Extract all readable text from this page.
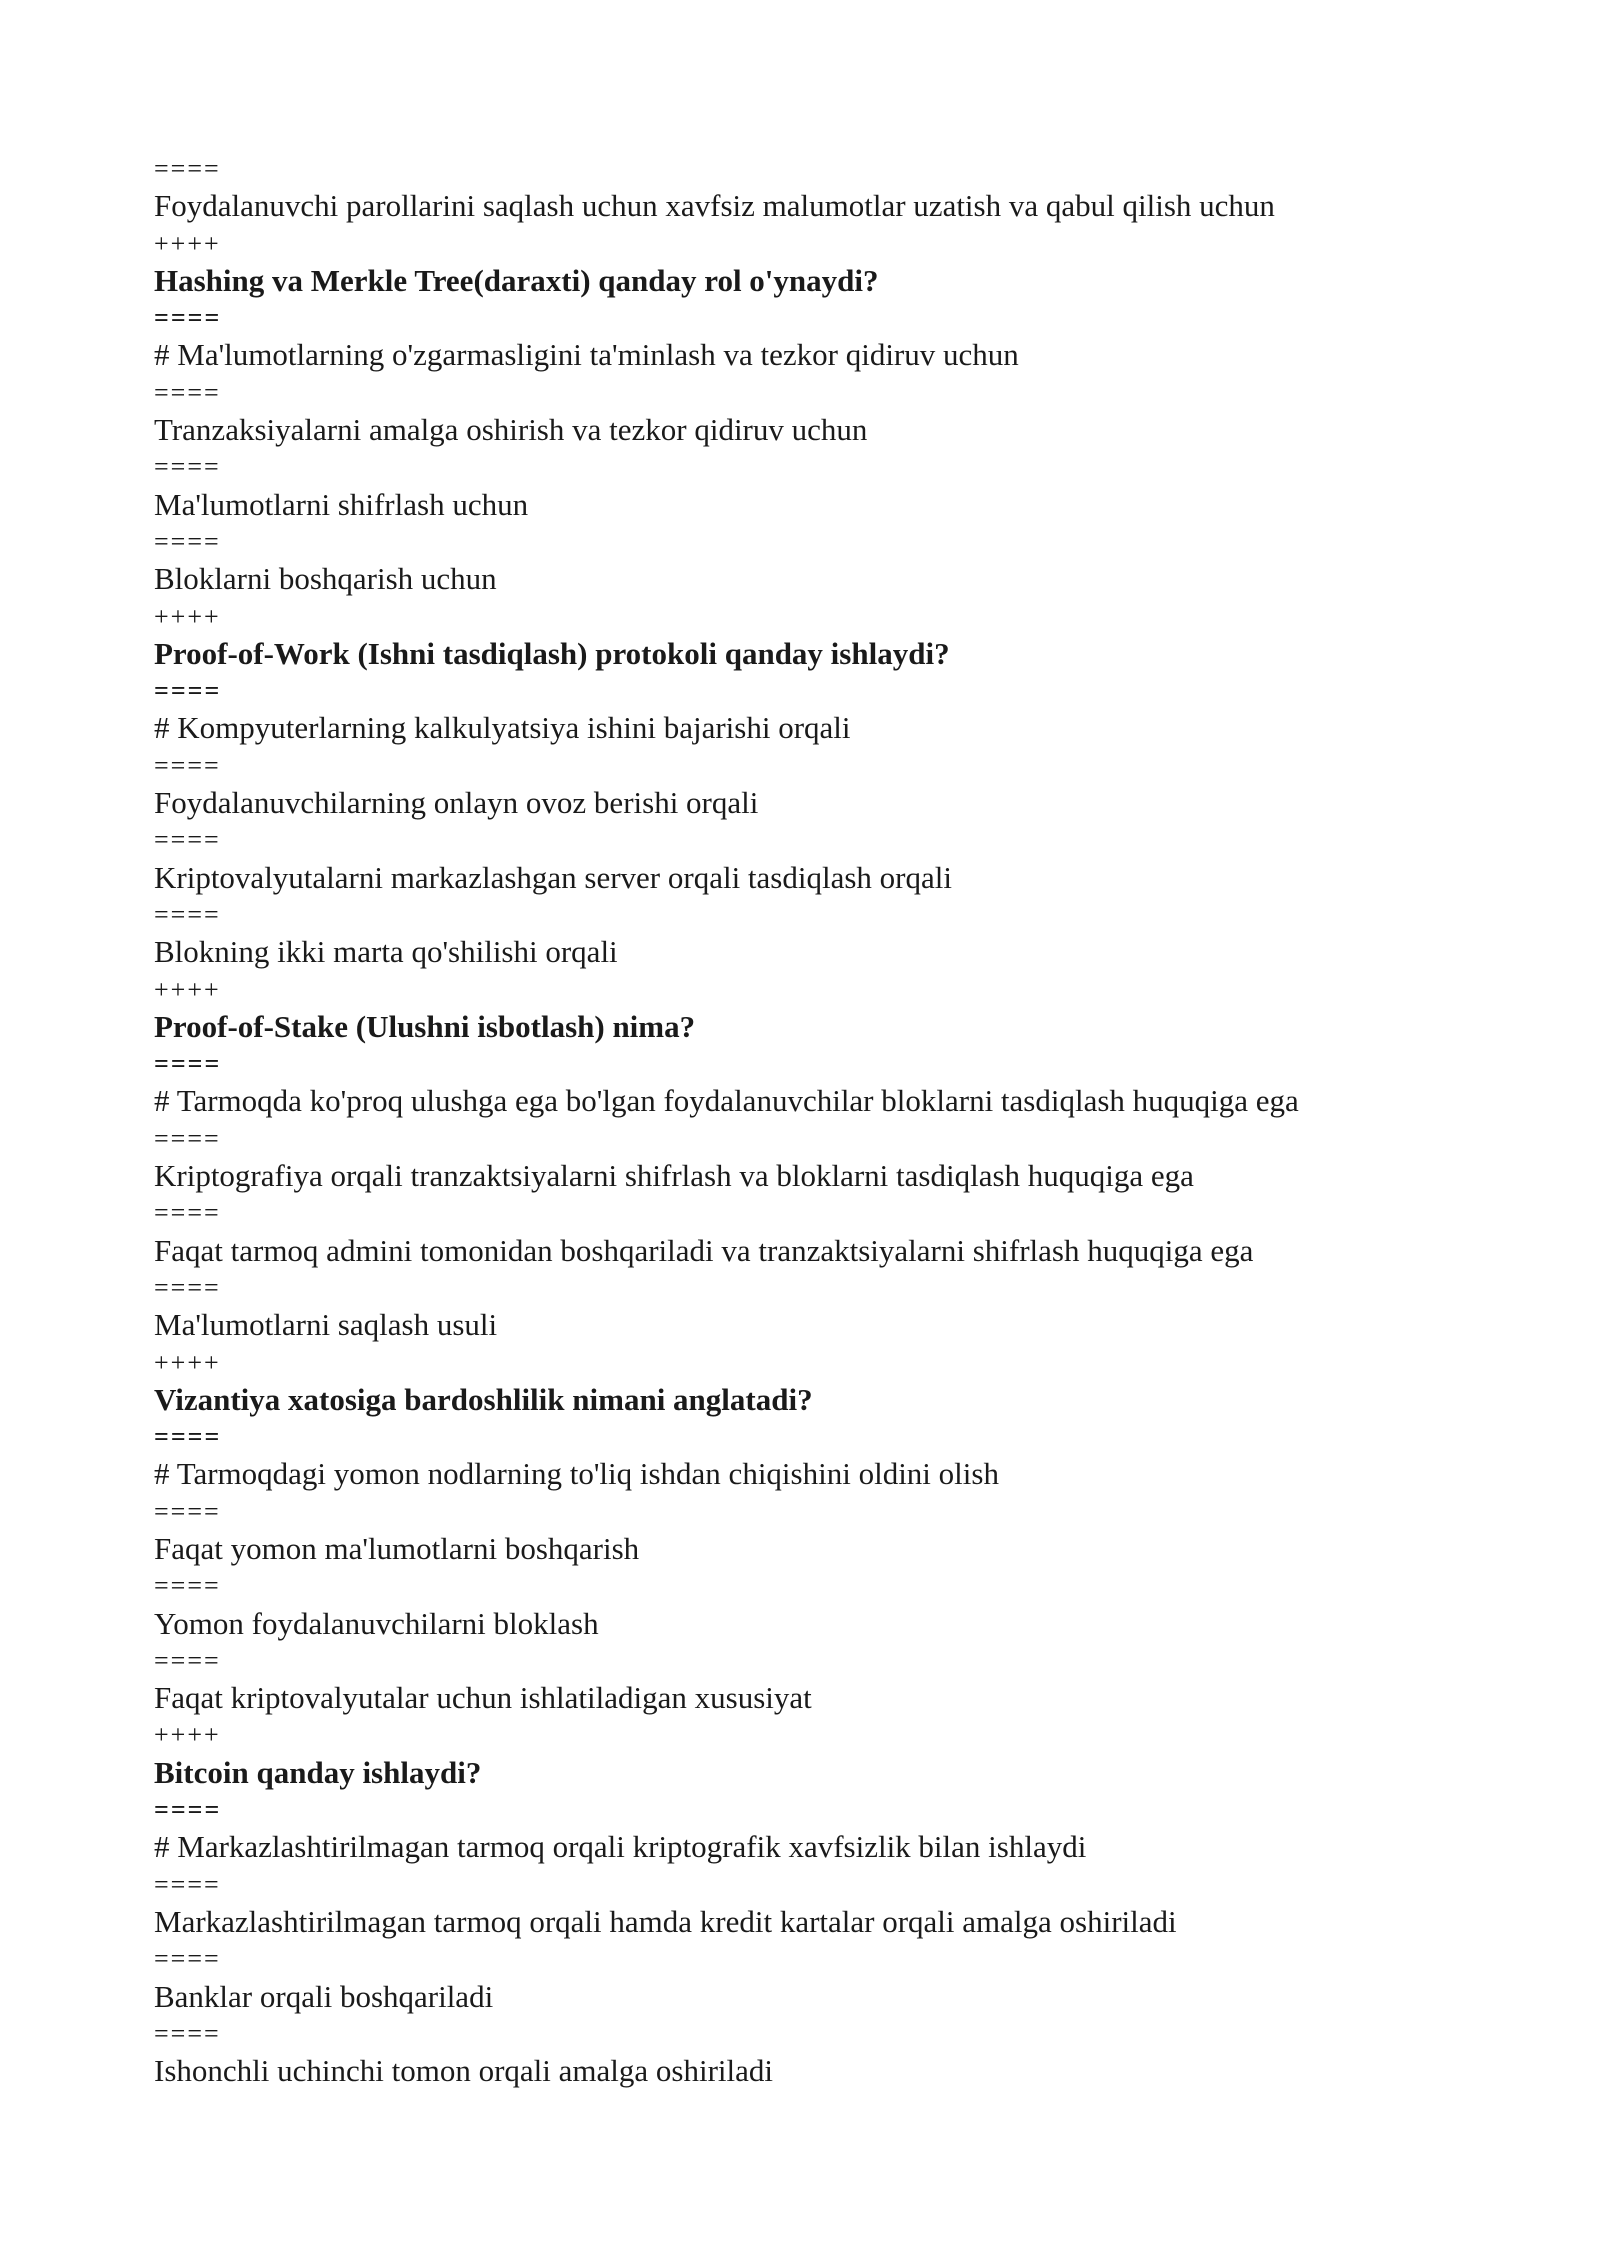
====
Foydalanuvchi parollarini saqlash uchun xavfsiz malumotlar uzatish va qabul qilish uchun
++++
Hashing va Merkle Tree(daraxti) qanday rol o'ynaydi?
====
# Ma'lumotlarning o'zgarmasligini ta'minlash va tezkor qidiruv uchun
====
Tranzaksiyalarni amalga oshirish va tezkor qidiruv uchun
====
Ma'lumotlarni shifrlash uchun
====
Bloklarni boshqarish uchun
++++
Proof-of-Work (Ishni tasdiqlash) protokoli qanday ishlaydi?
====
# Kompyuterlarning kalkulyatsiya ishini bajarishi orqali
====
Foydalanuvchilarning onlayn ovoz berishi orqali
====
Kriptovalyutalarni markazlashgan server orqali tasdiqlash orqali
====
Blokning ikki marta qo'shilishi orqali
++++
Proof-of-Stake (Ulushni isbotlash) nima?
====
# Tarmoqda ko'proq ulushga ega bo'lgan foydalanuvchilar bloklarni tasdiqlash huquqiga ega
====
Kriptografiya orqali tranzaktsiyalarni shifrlash va bloklarni tasdiqlash huquqiga ega
====
Faqat tarmoq admini tomonidan boshqariladi va tranzaktsiyalarni shifrlash huquqiga ega
====
Ma'lumotlarni saqlash usuli
++++
Vizantiya xatosiga bardoshlilik nimani anglatadi?
====
# Tarmoqdagi yomon nodlarning to'liq ishdan chiqishini oldini olish
====
Faqat yomon ma'lumotlarni boshqarish
====
Yomon foydalanuvchilarni bloklash
====
Faqat kriptovalyutalar uchun ishlatiladigan xususiyat
++++
Bitcoin qanday ishlaydi?
====
# Markazlashtirilmagan tarmoq orqali kriptografik xavfsizlik bilan ishlaydi
====
Markazlashtirilmagan tarmoq orqali hamda kredit kartalar orqali amalga oshiriladi
====
Banklar orqali boshqariladi
====
Ishonchli uchinchi tomon orqali amalga oshiriladi
